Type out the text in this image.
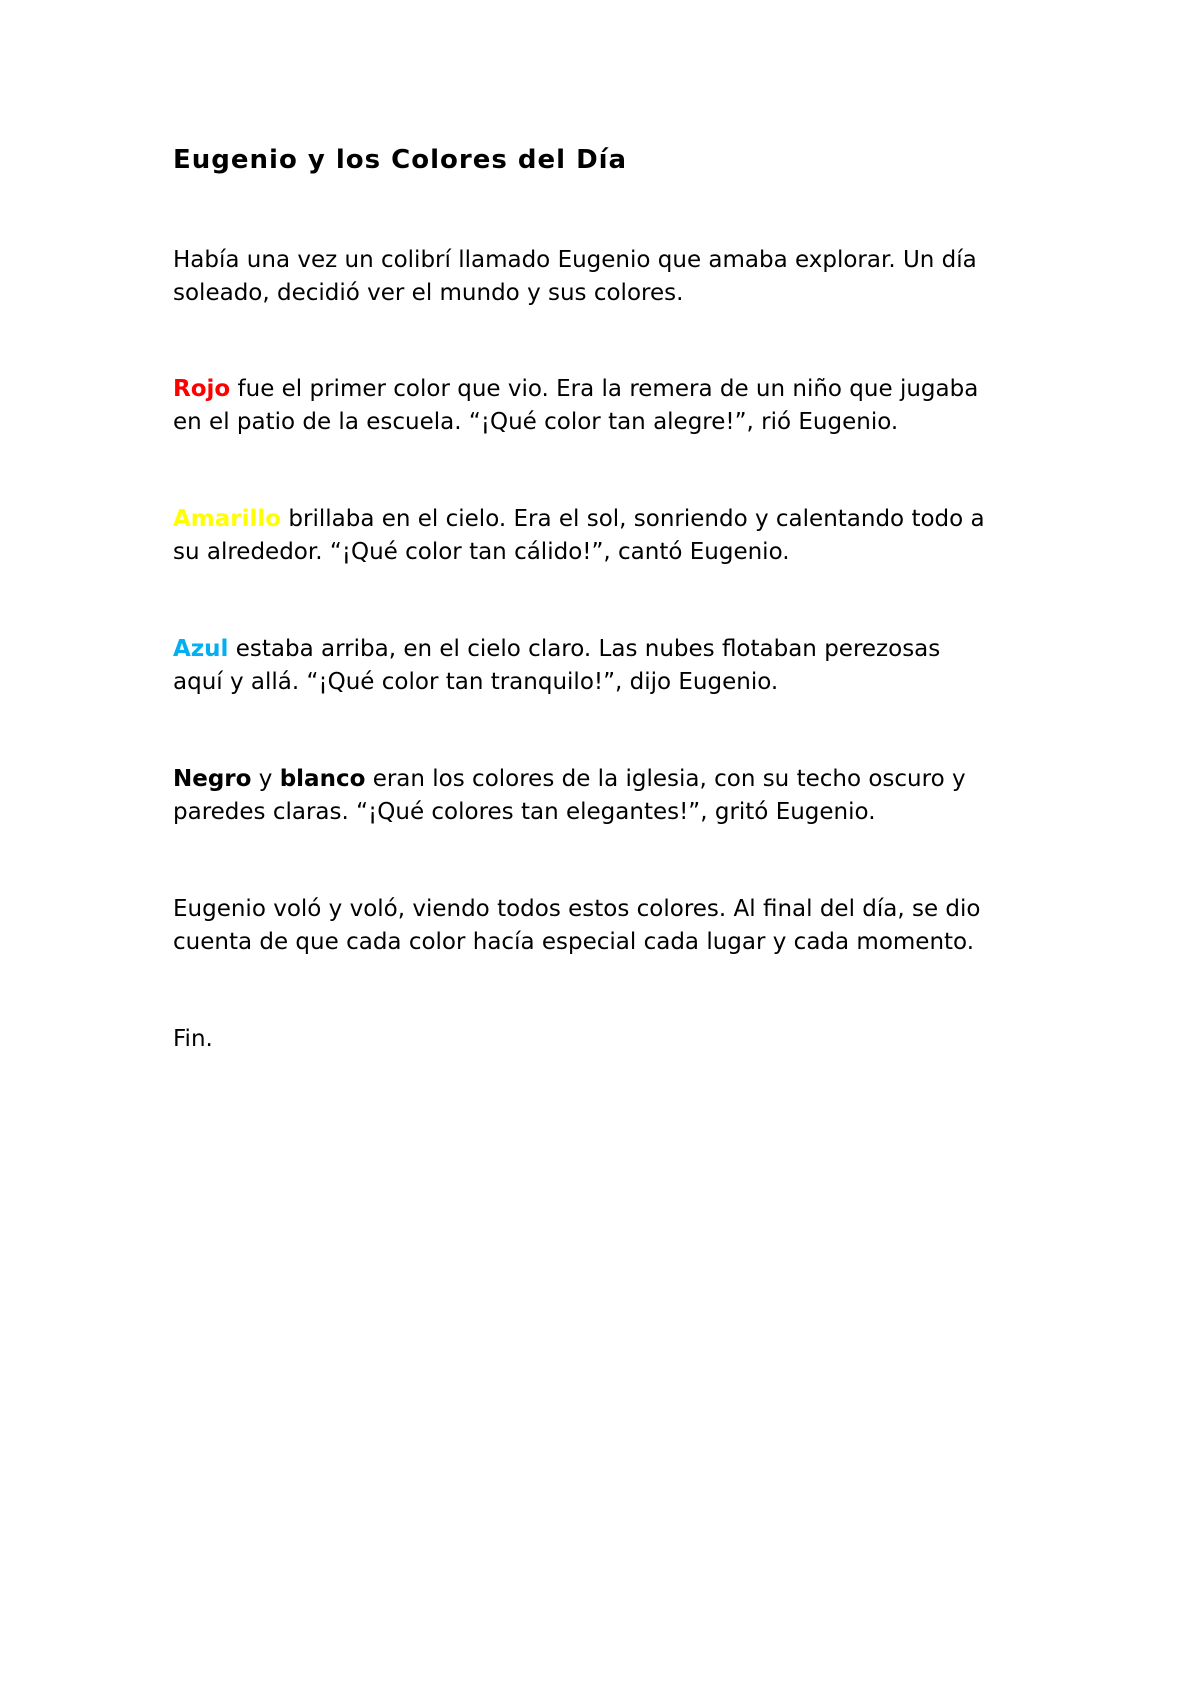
Eugenio y los Colores del Día

Había una vez un colibrí llamado Eugenio que amaba explorar. Un día
soleado, decidió ver el mundo y sus colores.

Rojo fue el primer color que vio. Era la remera de un niño que jugaba
en el patio de la escuela. “¡Qué color tan alegre!”, rió Eugenio.

Amarillo brillaba en el cielo. Era el sol, sonriendo y calentando todo a
su alrededor. “¡Qué color tan cálido!”, cantó Eugenio.

Azul estaba arriba, en el cielo claro. Las nubes flotaban perezosas
aquí y allá. “¡Qué color tan tranquilo!”, dijo Eugenio.

Negro y blanco eran los colores de la iglesia, con su techo oscuro y
paredes claras. “¡Qué colores tan elegantes!”, gritó Eugenio.

Eugenio voló y voló, viendo todos estos colores. Al final del día, se dio
cuenta de que cada color hacía especial cada lugar y cada momento.

Fin.
